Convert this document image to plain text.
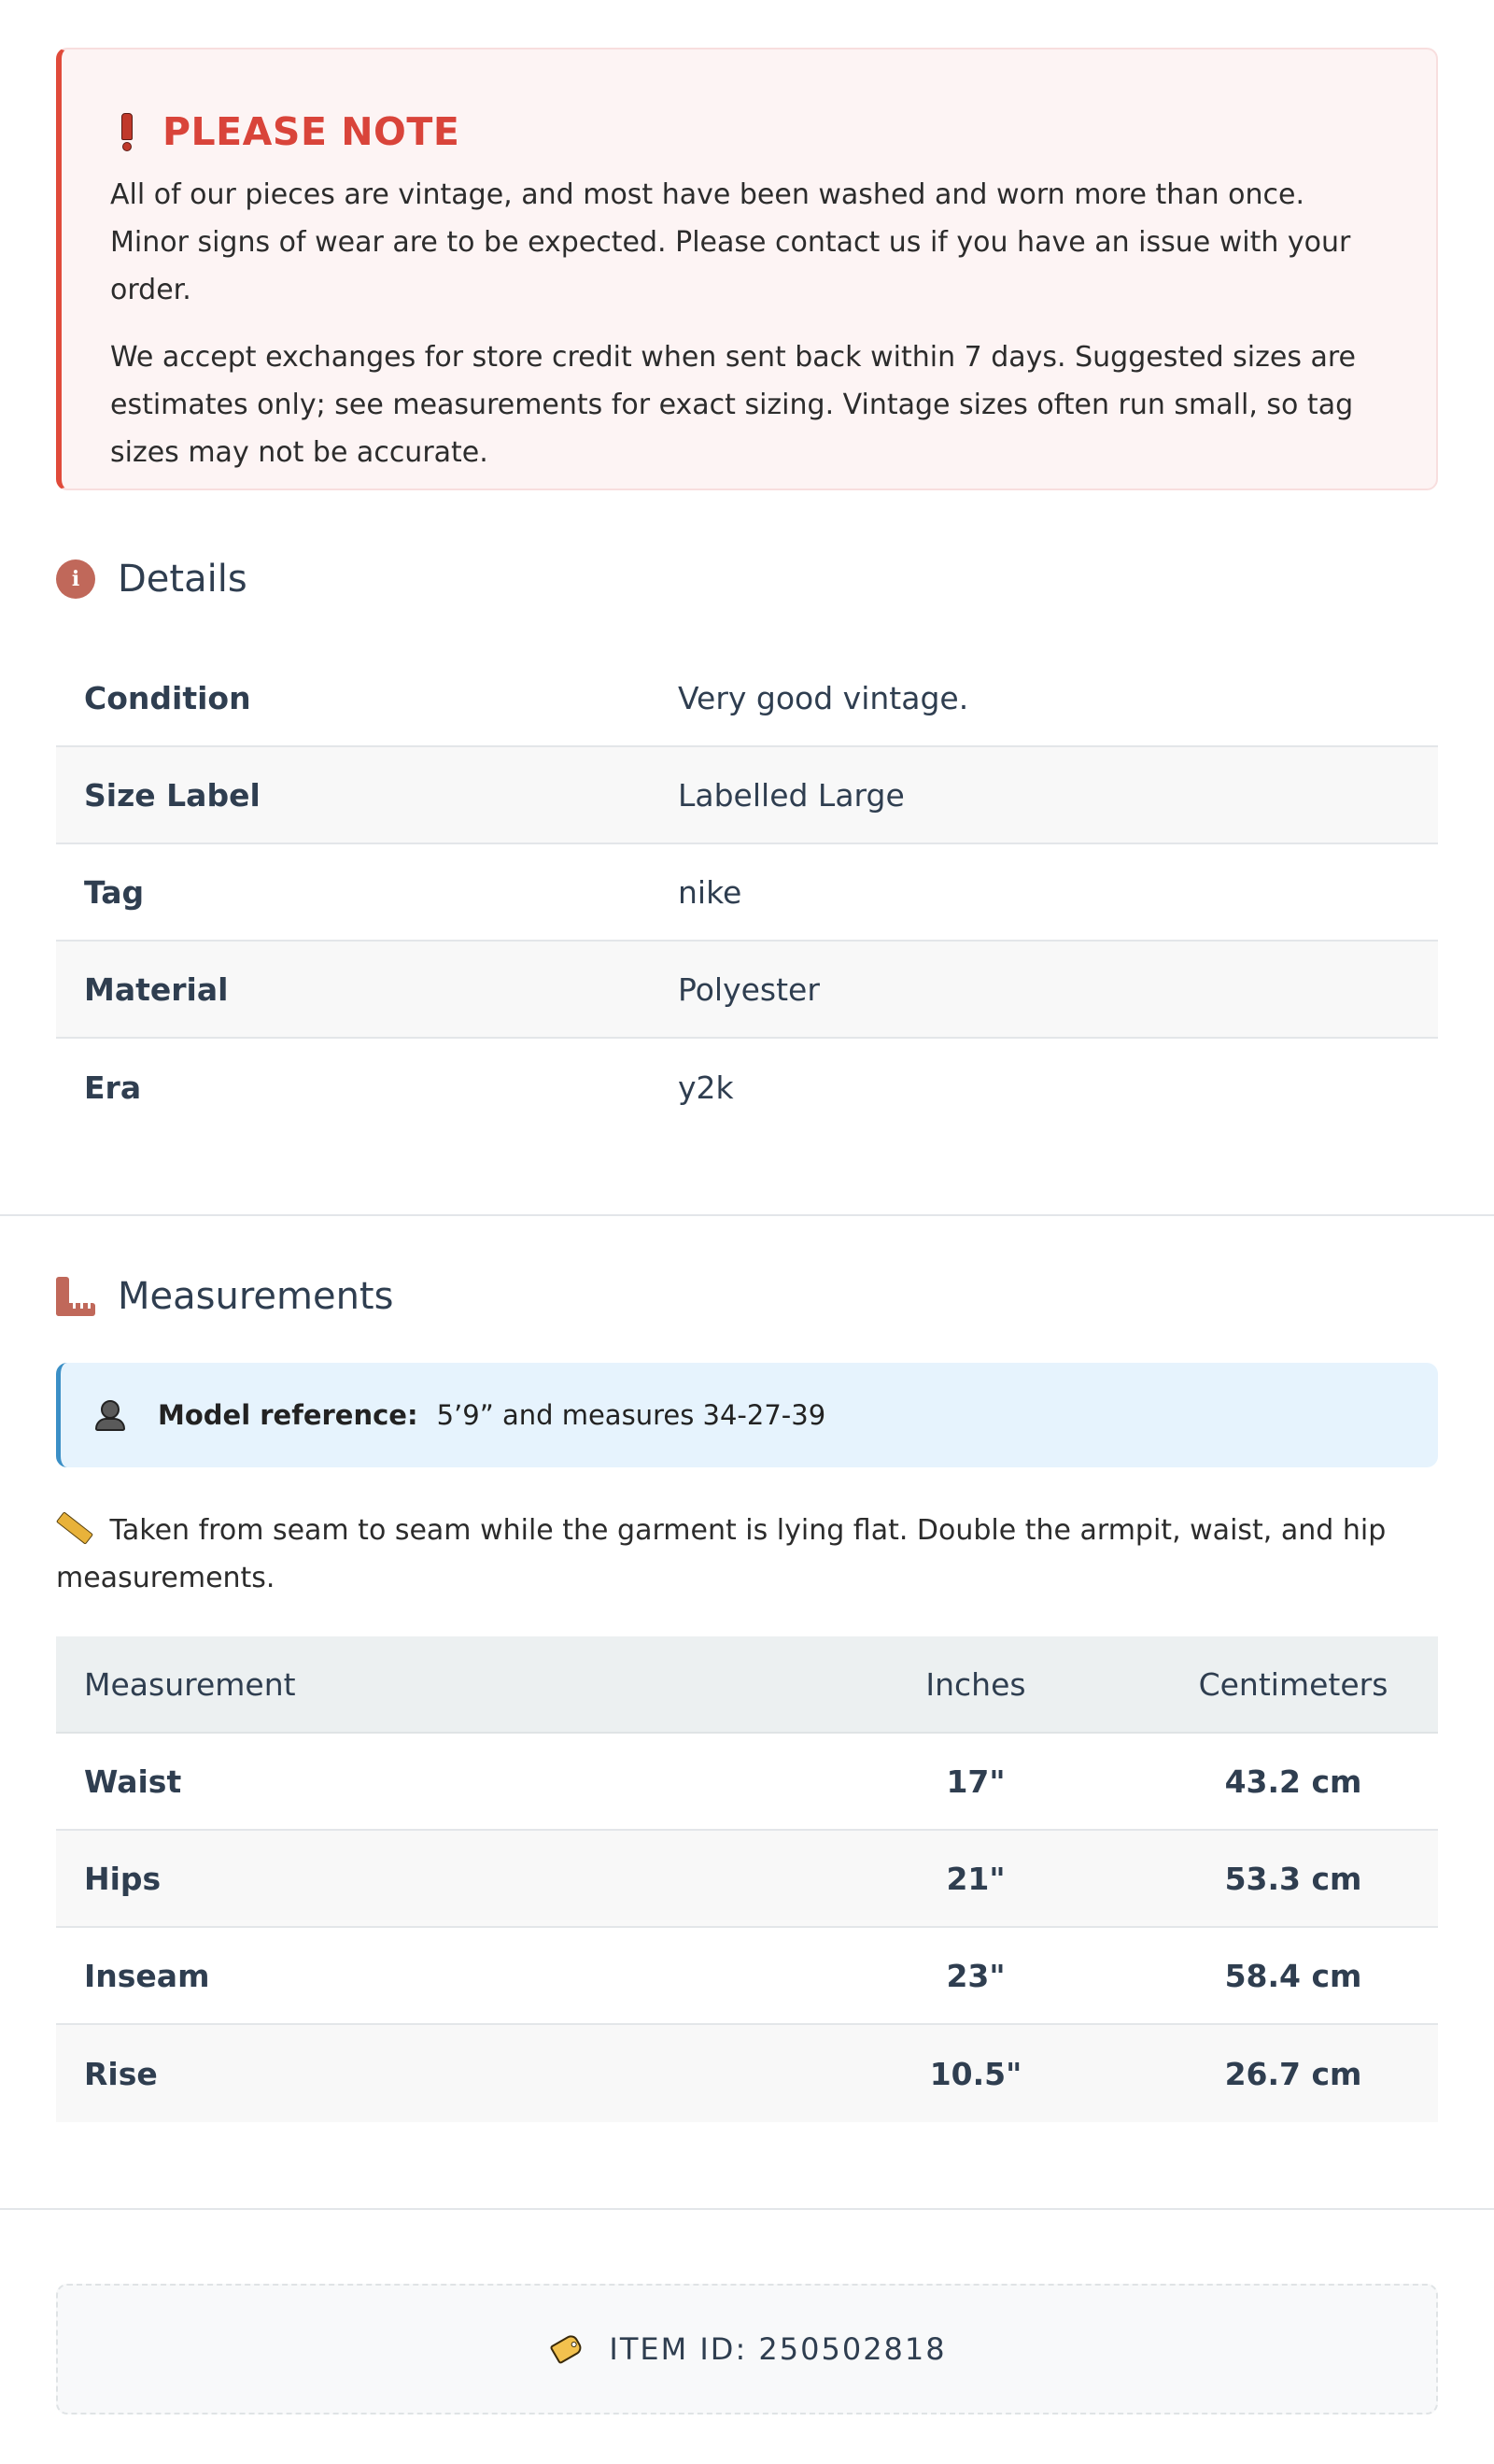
PLEASE NOTE

All of our pieces are vintage, and most have been washed and worn more than once. Minor signs of wear are to be expected. Please contact us if you have an issue with your order.

We accept exchanges for store credit when sent back within 7 days. Suggested sizes are estimates only; see measurements for exact sizing. Vintage sizes often run small, so tag sizes may not be accurate.

i	Details
Condition	Very good vintage.
Size Label	Labelled Large
Tag	nike
Material	Polyester
Era	y2k
Measurements
Model reference: 5’9” and measures 34-27-39
Taken from seam to seam while the garment is lying flat. Double the armpit, waist, and hip measurements.
Measurement	Inches	Centimeters
Waist	17"	43.2 cm
Hips	21"	53.3 cm
Inseam	23"	58.4 cm
Rise	10.5"	26.7 cm
ITEM ID: 250502818
